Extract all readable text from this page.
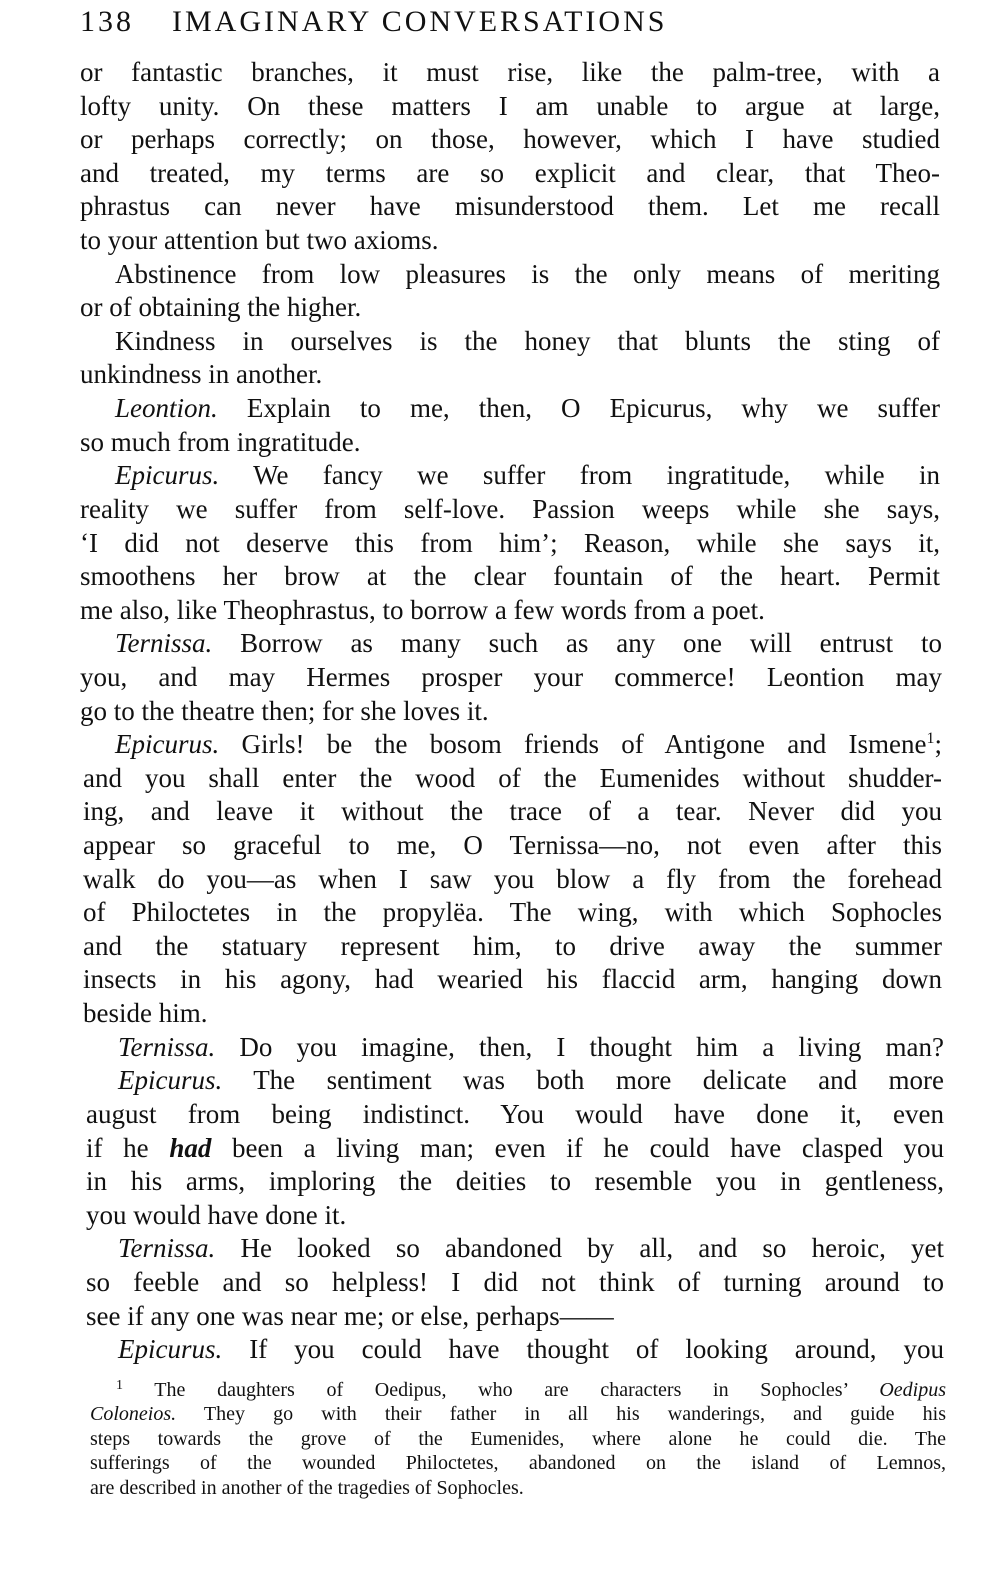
138 IMAGINARY CONVERSATIONS
or fantastic branches, it must rise, like the palm-tree, with a
lofty unity. On these matters I am unable to argue at large,
or perhaps correctly; on those, however, which I have studied
and treated, my terms are so explicit and clear, that Theo-
phrastus can never have misunderstood them. Let me recall
to your attention but two axioms.
Abstinence from low pleasures is the only means of meriting
or of obtaining the higher.
Kindness in ourselves is the honey that blunts the sting of
unkindness in another.
Leontion. Explain to me, then, O Epicurus, why we suffer
so much from ingratitude.
Epicurus. We fancy we suffer from ingratitude, while in
reality we suffer from self-love. Passion weeps while she says,
‘I did not deserve this from him’; Reason, while she says it,
smoothens her brow at the clear fountain of the heart. Permit
me also, like Theophrastus, to borrow a few words from a poet.
Ternissa. Borrow as many such as any one will entrust to
you, and may Hermes prosper your commerce! Leontion may
go to the theatre then; for she loves it.
Epicurus. Girls! be the bosom friends of Antigone and Ismene$^1$;
and you shall enter the wood of the Eumenides without shudder-
ing, and leave it without the trace of a tear. Never did you
appear so graceful to me, O Ternissa—no, not even after this
walk do you—as when I saw you blow a fly from the forehead
of Philoctetes in the propylëa. The wing, with which Sophocles
and the statuary represent him, to drive away the summer
insects in his agony, had wearied his flaccid arm, hanging down
beside him.
Ternissa. Do you imagine, then, I thought him a living man?
Epicurus. The sentiment was both more delicate and more
august from being indistinct. You would have done it, even
if he had been a living man; even if he could have clasped you
in his arms, imploring the deities to resemble you in gentleness,
you would have done it.
Ternissa. He looked so abandoned by all, and so heroic, yet
so feeble and so helpless! I did not think of turning around to
see if any one was near me; or else, perhaps——
Epicurus. If you could have thought of looking around, you
$^1$ The daughters of Oedipus, who are characters in Sophocles’ Oedipus
Coloneios. They go with their father in all his wanderings, and guide his
steps towards the grove of the Eumenides, where alone he could die. The
sufferings of the wounded Philoctetes, abandoned on the island of Lemnos,
are described in another of the tragedies of Sophocles.
